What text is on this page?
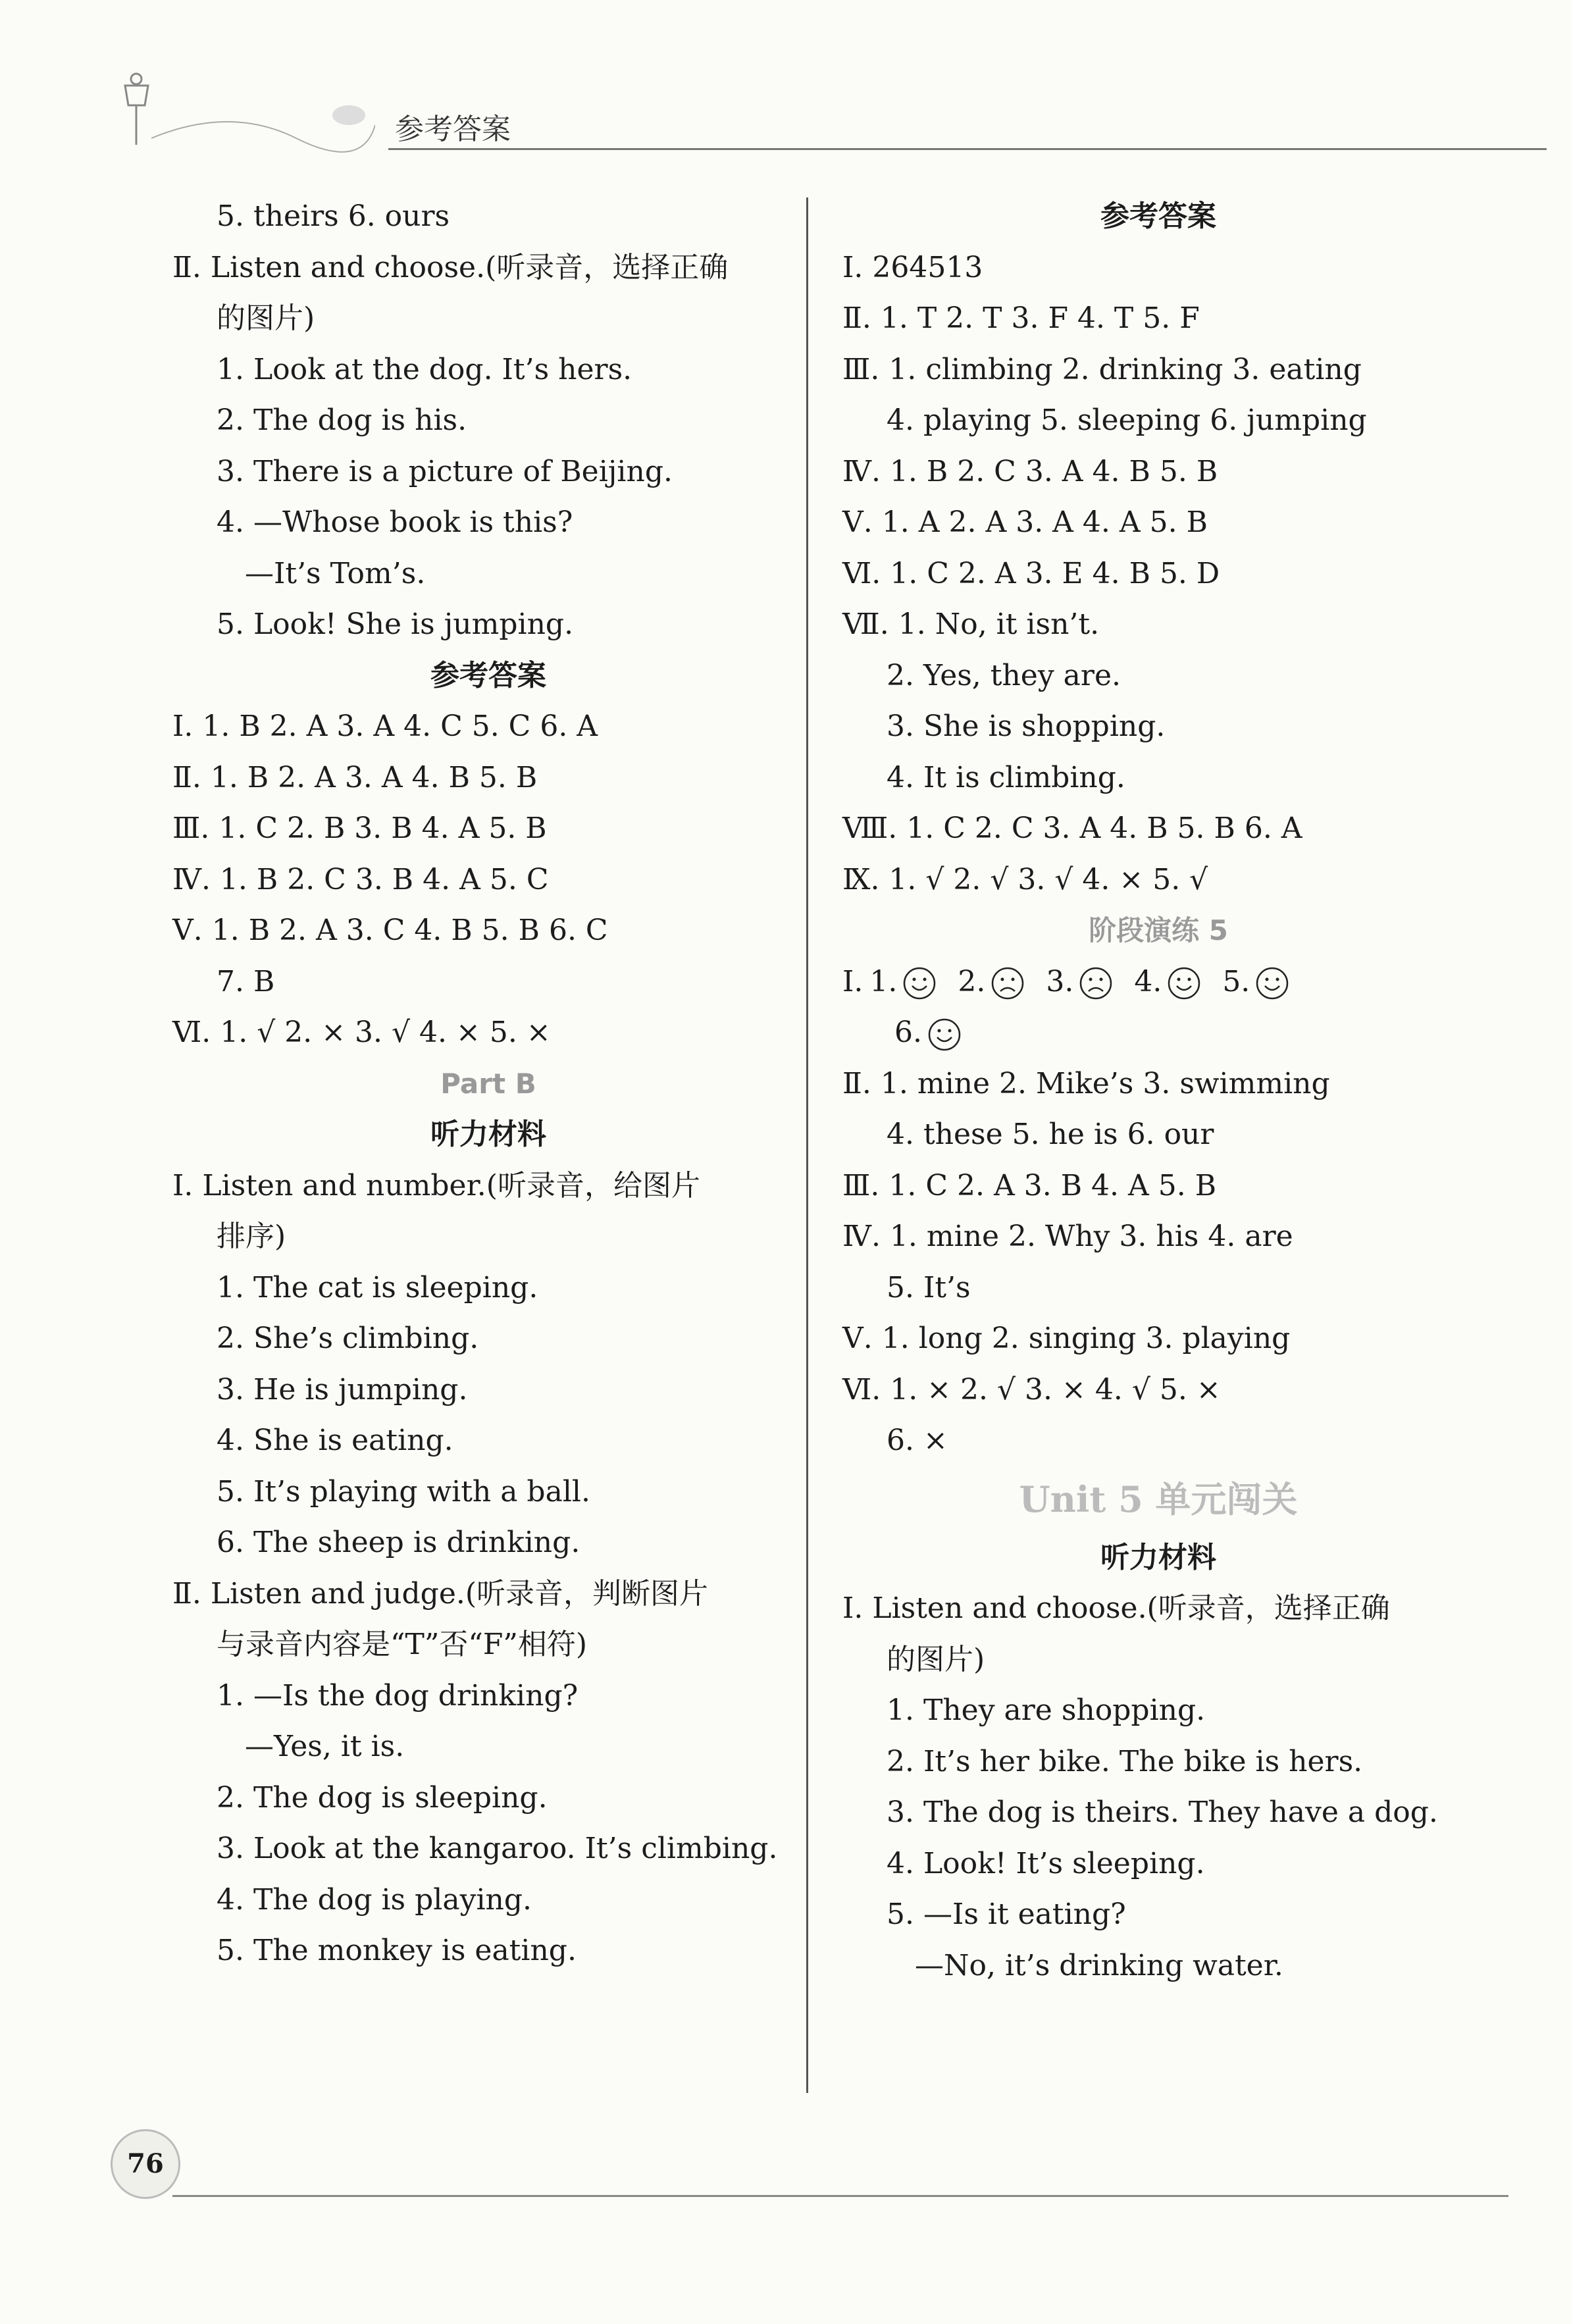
参考答案
5. theirs 6. ours
Ⅱ. Listen and choose.(听录音，选择正确
的图片)
1. Look at the dog. It’s hers.
2. The dog is his.
3. There is a picture of Beijing.
4. —Whose book is this?
—It’s Tom’s.
5. Look! She is jumping.
参考答案
Ⅰ. 1. B 2. A 3. A 4. C 5. C 6. A
Ⅱ. 1. B 2. A 3. A 4. B 5. B
Ⅲ. 1. C 2. B 3. B 4. A 5. B
Ⅳ. 1. B 2. C 3. B 4. A 5. C
Ⅴ. 1. B 2. A 3. C 4. B 5. B 6. C
7. B
Ⅵ. 1. √ 2. × 3. √ 4. × 5. ×
Part B
听力材料
Ⅰ. Listen and number.(听录音，给图片
排序)
1. The cat is sleeping.
2. She’s climbing.
3. He is jumping.
4. She is eating.
5. It’s playing with a ball.
6. The sheep is drinking.
Ⅱ. Listen and judge.(听录音，判断图片
与录音内容是“T”否“F”相符)
1. —Is the dog drinking?
—Yes, it is.
2. The dog is sleeping.
3. Look at the kangaroo. It’s climbing.
4. The dog is playing.
5. The monkey is eating.
参考答案
Ⅰ. 264513
Ⅱ. 1. T 2. T 3. F 4. T 5. F
Ⅲ. 1. climbing 2. drinking 3. eating
4. playing 5. sleeping 6. jumping
Ⅳ. 1. B 2. C 3. A 4. B 5. B
Ⅴ. 1. A 2. A 3. A 4. A 5. B
Ⅵ. 1. C 2. A 3. E 4. B 5. D
Ⅶ. 1. No, it isn’t.
2. Yes, they are.
3. She is shopping.
4. It is climbing.
Ⅷ. 1. C 2. C 3. A 4. B 5. B 6. A
Ⅸ. 1. √ 2. √ 3. √ 4. × 5. √
阶段演练 5
Ⅰ. 1. 2. 3. 4. 5.
6.
Ⅱ. 1. mine 2. Mike’s 3. swimming
4. these 5. he is 6. our
Ⅲ. 1. C 2. A 3. B 4. A 5. B
Ⅳ. 1. mine 2. Why 3. his 4. are
5. It’s
Ⅴ. 1. long 2. singing 3. playing
Ⅵ. 1. × 2. √ 3. × 4. √ 5. ×
6. ×
Unit 5 单元闯关
听力材料
Ⅰ. Listen and choose.(听录音，选择正确
的图片)
1. They are shopping.
2. It’s her bike. The bike is hers.
3. The dog is theirs. They have a dog.
4. Look! It’s sleeping.
5. —Is it eating?
—No, it’s drinking water.
76
